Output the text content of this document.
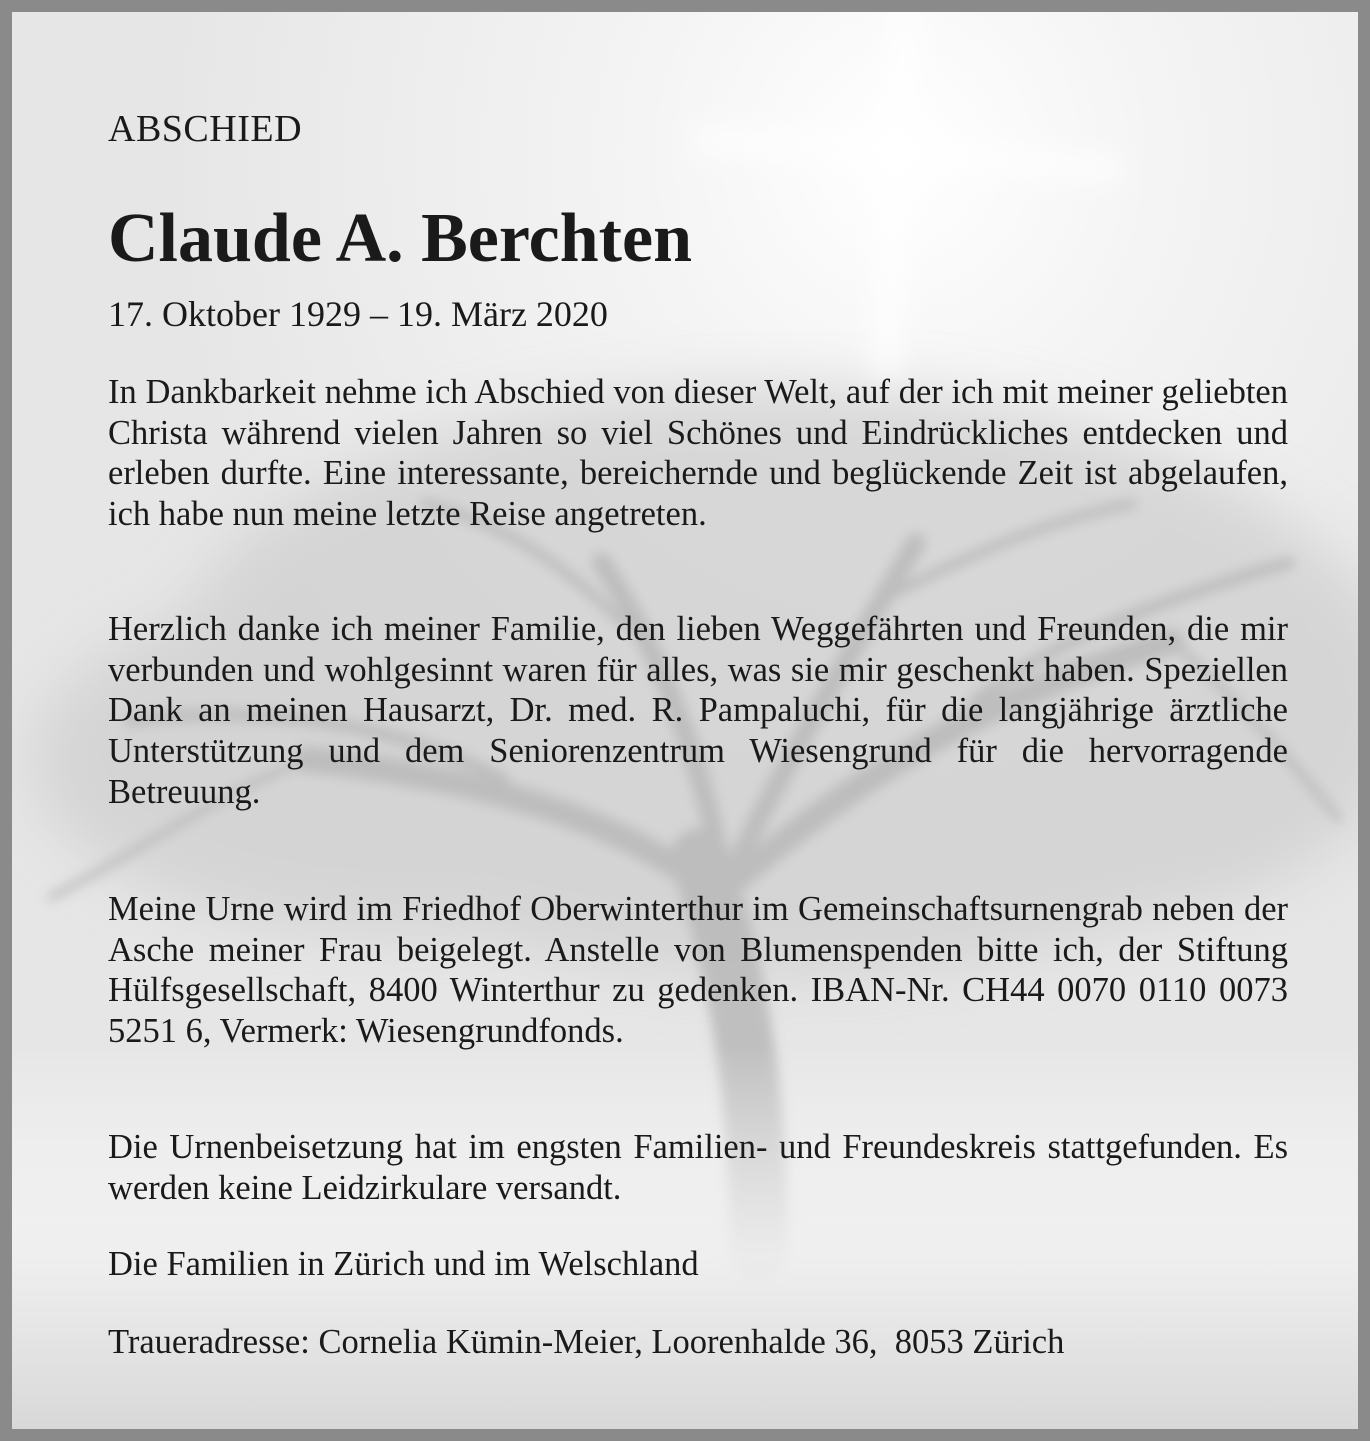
ABSCHIED
Claude A. Berchten
17. Oktober 1929 – 19. März 2020

In Dankbarkeit nehme ich Abschied von dieser Welt, auf der ich mit meiner geliebten Christa während vielen Jahren so viel Schönes und Eindrückliches entdecken und erleben durfte. Eine interessante, bereichernde und beglückende Zeit ist abgelaufen, ich habe nun meine letzte Reise angetreten.

Herzlich danke ich meiner Familie, den lieben Weggefährten und Freunden, die mir verbunden und wohlgesinnt waren für alles, was sie mir geschenkt haben. Speziellen Dank an meinen Hausarzt, Dr. med. R. Pampaluchi, für die langjährige ärztliche Unterstützung und dem Seniorenzentrum Wiesengrund für die hervorragende Betreuung.

Meine Urne wird im Friedhof Oberwinterthur im Gemeinschaftsurnengrab neben der Asche meiner Frau beigelegt. Anstelle von Blumenspenden bitte ich, der Stiftung Hülfsgesellschaft, 8400 Winterthur zu gedenken. IBAN-Nr. CH44 0070 0110 0073 5251 6, Vermerk: Wiesengrundfonds.

Die Urnenbeisetzung hat im engsten Familien- und Freundeskreis stattgefunden. Es werden keine Leidzirkulare versandt.

Die Familien in Zürich und im Welschland
Traueradresse: Cornelia Kümin-Meier, Loorenhalde 36,  8053 Zürich
